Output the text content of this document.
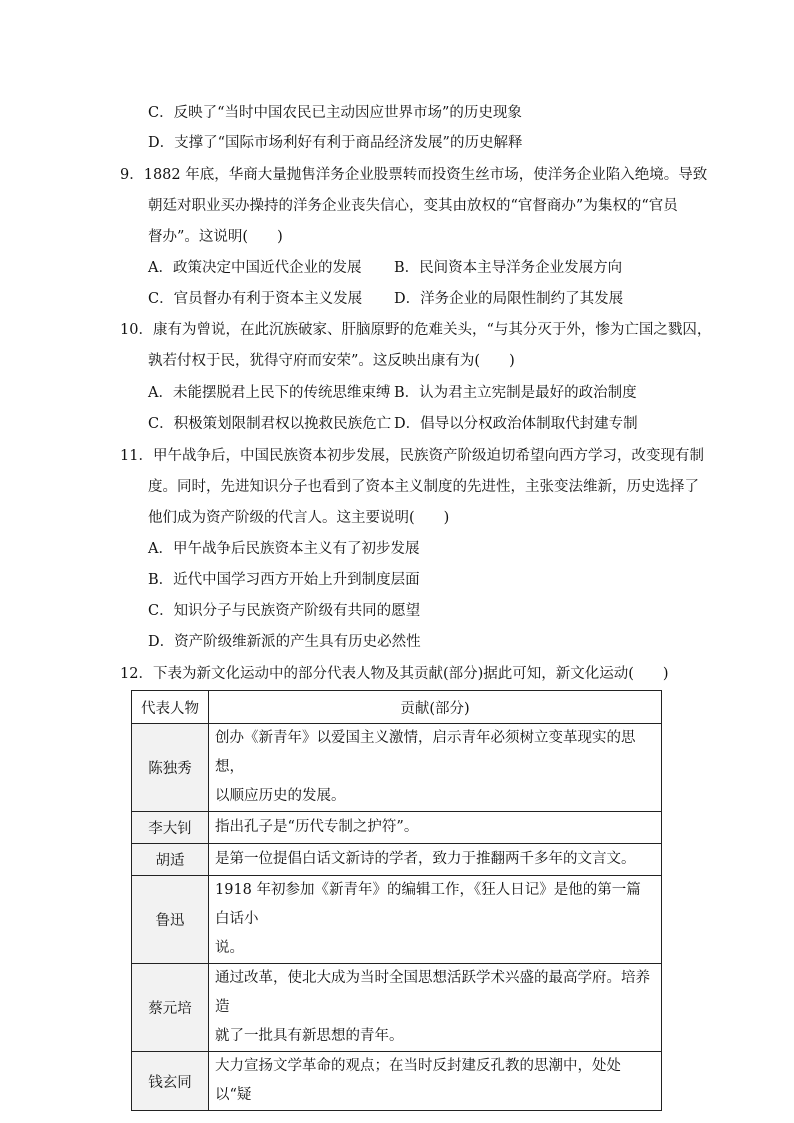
C．反映了“当时中国农民已主动因应世界市场”的历史现象
D．支撑了“国际市场利好有利于商品经济发展”的历史解释
9．1882 年底，华商大量抛售洋务企业股票转而投资生丝市场，使洋务企业陷入绝境。导致
朝廷对职业买办操持的洋务企业丧失信心，变其由放权的“官督商办”为集权的“官员
督办”。这说明(　　)
A．政策决定中国近代企业的发展 B．民间资本主导洋务企业发展方向
C．官员督办有利于资本主义发展 D．洋务企业的局限性制约了其发展
10．康有为曾说，在此沉族破家、肝脑原野的危难关头，“与其分灭于外，惨为亡国之戮囚，
孰若付权于民，犹得守府而安荣”。这反映出康有为(　　)
A．未能摆脱君上民下的传统思维束缚 B．认为君主立宪制是最好的政治制度
C．积极策划限制君权以挽救民族危亡 D．倡导以分权政治体制取代封建专制
11．甲午战争后，中国民族资本初步发展，民族资产阶级迫切希望向西方学习，改变现有制
度。同时，先进知识分子也看到了资本主义制度的先进性，主张变法维新，历史选择了
他们成为资产阶级的代言人。这主要说明(　　)
A．甲午战争后民族资本主义有了初步发展
B．近代中国学习西方开始上升到制度层面
C．知识分子与民族资产阶级有共同的愿望
D．资产阶级维新派的产生具有历史必然性
12．下表为新文化运动中的部分代表人物及其贡献(部分)据此可知，新文化运动(　　)
代表人物	贡献(部分)
陈独秀	创办《新青年》以爱国主义激情，启示青年必须树立变革现实的思想，
以顺应历史的发展。
李大钊	指出孔子是“历代专制之护符”。
胡适	是第一位提倡白话文新诗的学者，致力于推翻两千多年的文言文。
鲁迅	1918 年初参加《新青年》的编辑工作，《狂人日记》是他的第一篇白话小
说。
蔡元培	通过改革，使北大成为当时全国思想活跃学术兴盛的最高学府。培养造
就了一批具有新思想的青年。
钱玄同	大力宣扬文学革命的观点；在当时反封建反孔教的思潮中，处处以“疑
